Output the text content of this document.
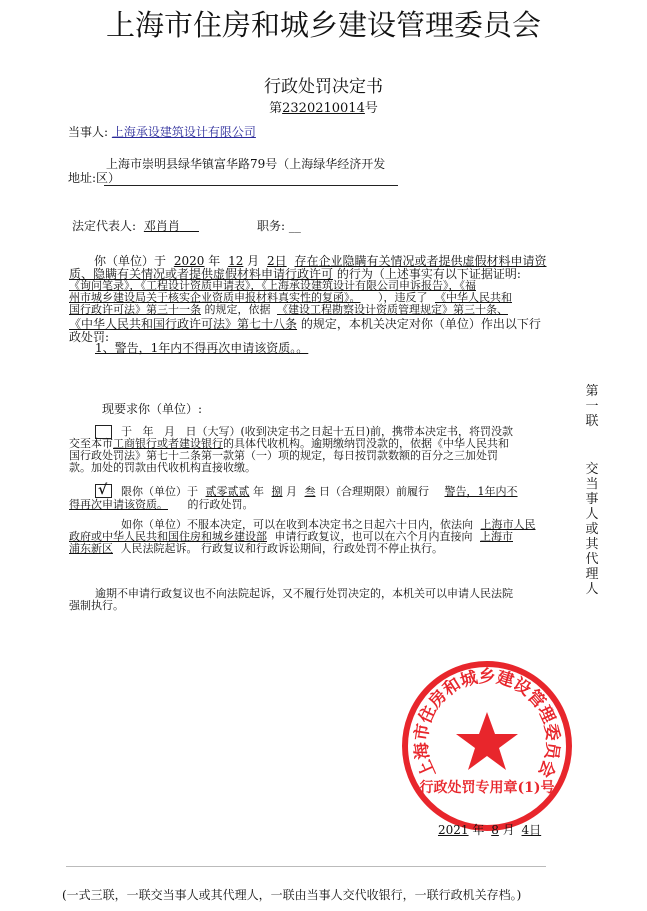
上海市住房和城乡建设管理委员会
行政处罚决定书
第2320210014号
当事人: 上海承设建筑设计有限公司
上海市崇明县绿华镇富华路79号（上海绿华经济开发
地址:区）
法定代表人: 邓肖肖	职务: __
你（单位）于 2020 年 12 月 2日 存在企业隐瞒有关情况或者提供虚假材料申请资
质、隐瞒有关情况或者提供虚假材料申请行政许可 的行为（上述事实有以下证据证明:
《询问笔录》，《工程设计资质申请表》，《上海承设建筑设计有限公司申诉报告》，《福
州市城乡建设局关于核实企业资质申报材料真实性的复函》。 ），违反了 《中华人民共和
国行政许可法》第三十一条 的规定，依据 《建设工程勘察设计资质管理规定》第三十条、
《中华人民共和国行政许可法》第七十八条 的规定，本机关决定对你（单位）作出以下行
政处罚:
1、警告，1年内不得再次申请该资质。。
现要求你（单位）:
于   年   月   日（大写）(收到决定书之日起十五日)前，携带本决定书，将罚没款
交至本市工商银行或者建设银行的具体代收机构。逾期缴纳罚没款的，依据《中华人民共和
国行政处罚法》第七十二条第一款第（一）项的规定，每日按罚款数额的百分之三加处罚
款。加处的罚款由代收机构直接收缴。
√ 限你（单位）于 贰零贰贰 年 捌 月 叁 日（合理期限）前履行 警告，1年内不
得再次申请该资质。 的行政处罚。
如你（单位）不服本决定，可以在收到本决定书之日起六十日内，依法向 上海市人民
政府或中华人民共和国住房和城乡建设部 申请行政复议，也可以在六个月内直接向 上海市
浦东新区 人民法院起诉。 行政复议和行政诉讼期间，行政处罚不停止执行。
逾期不申请行政复议也不向法院起诉，又不履行处罚决定的，本机关可以申请人民法院
强制执行。
第
一
联
交
当
事
人
或
其
代
理
人
上海市住房和城乡建设管理委员会
行政处罚专用章(1)号
2021 年 8 月 4日
(一式三联，一联交当事人或其代理人，一联由当事人交代收银行，一联行政机关存档。)
